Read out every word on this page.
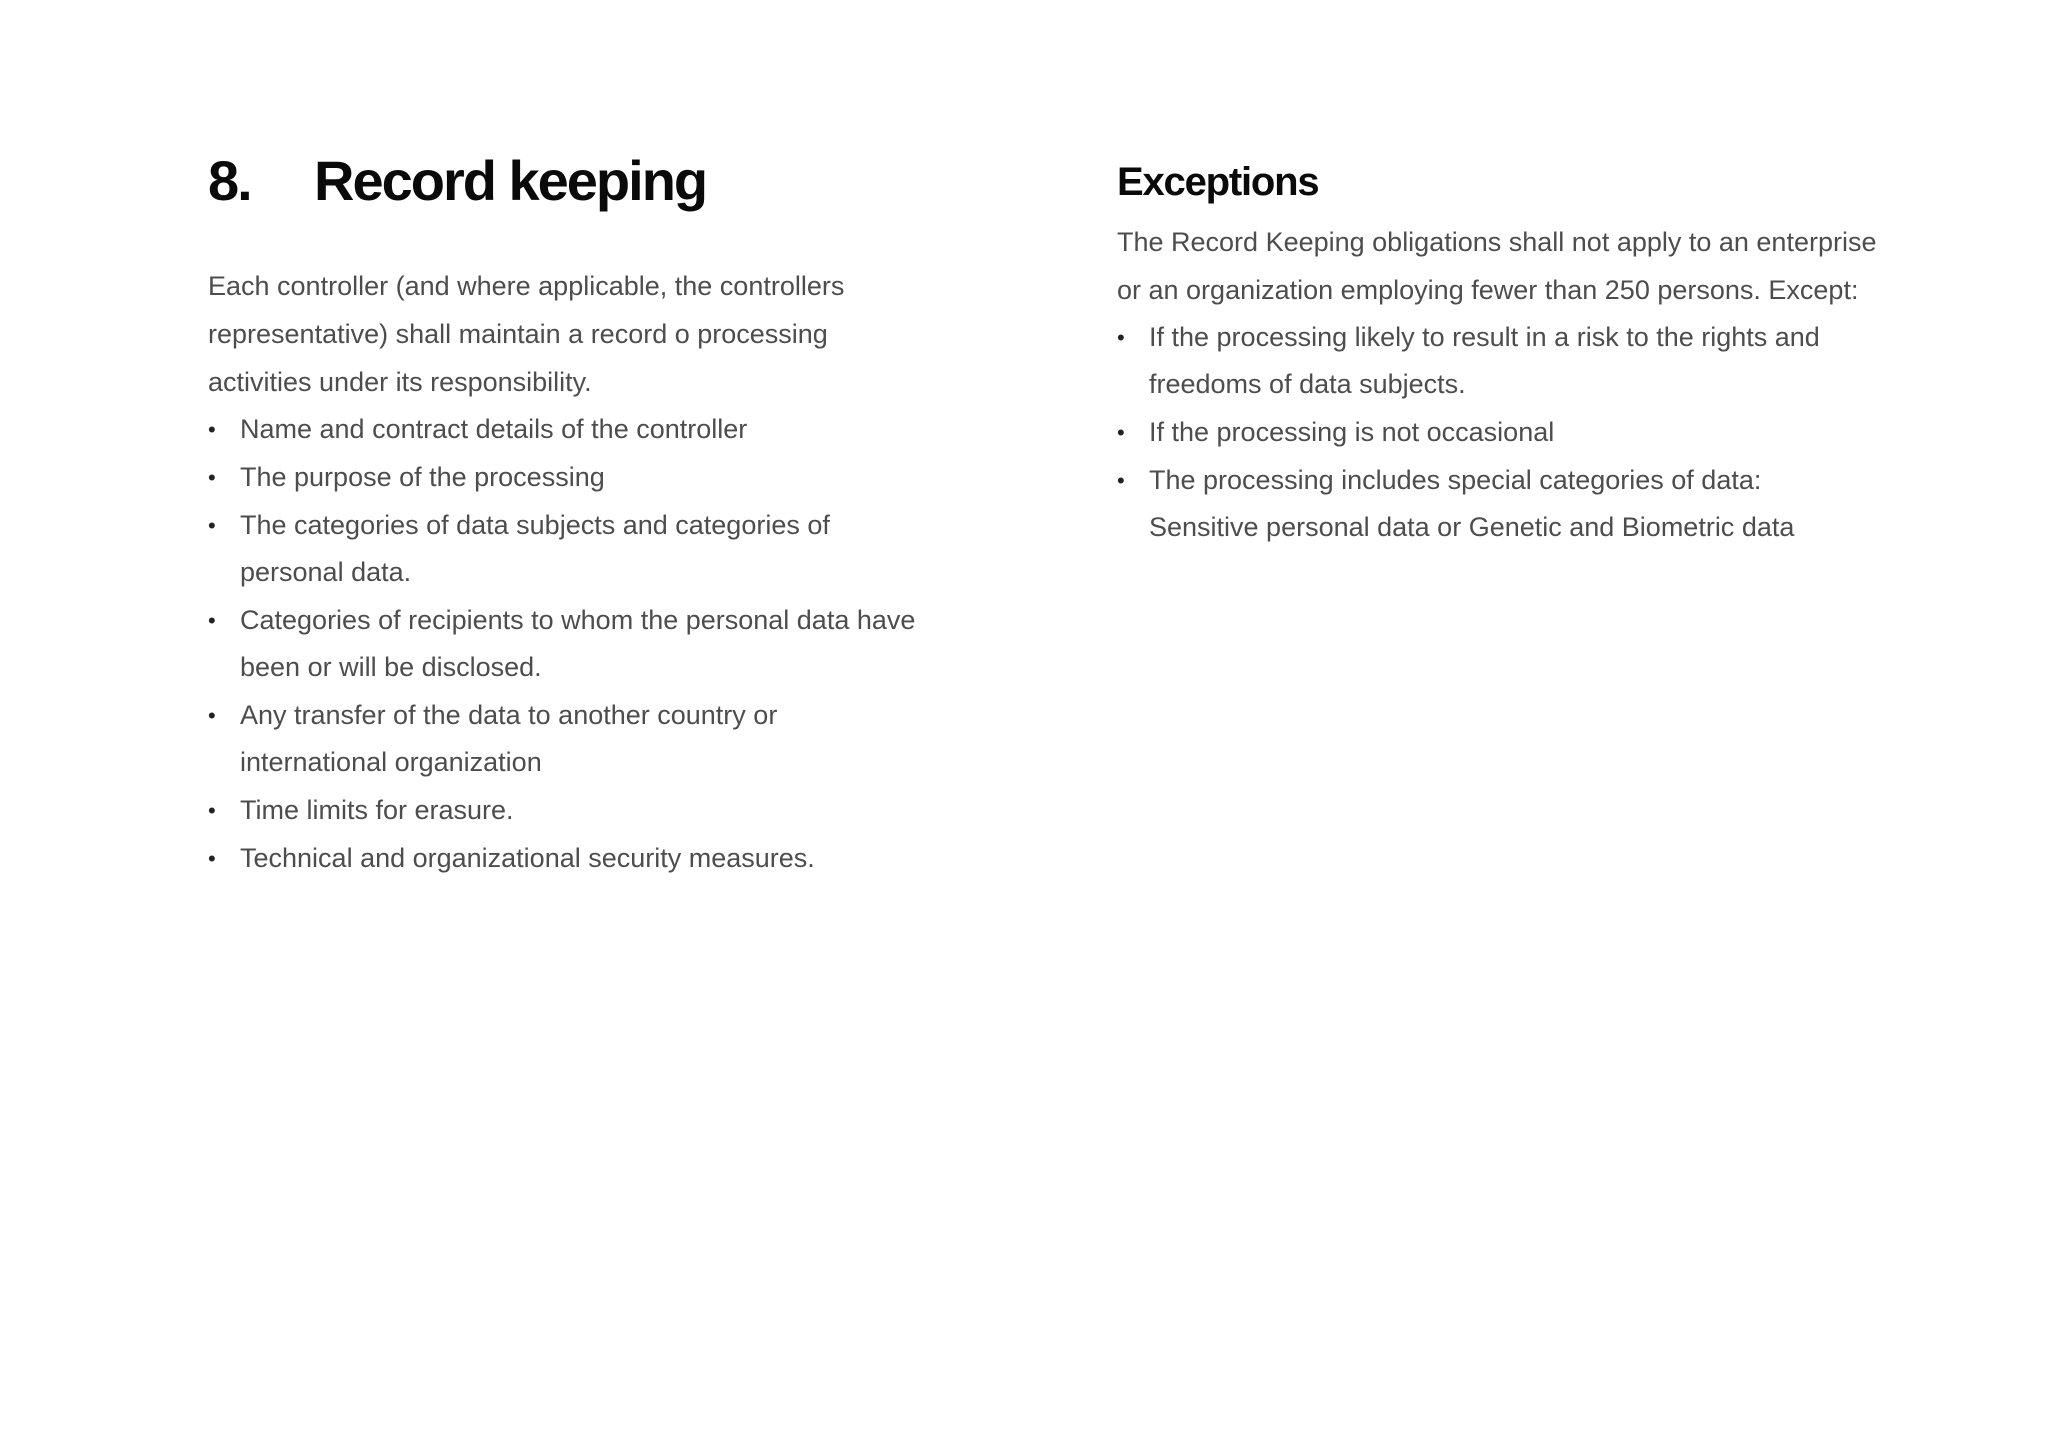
8.	Record keeping

Each controller (and where applicable, the controllers representative) shall maintain a record o processing activities under its responsibility.

• Name and contract details of the controller
• The purpose of the processing
• The categories of data subjects and categories of personal data.
• Categories of recipients to whom the personal data have been or will be disclosed.
• Any transfer of the data to another country or international organization
• Time limits for erasure.
• Technical and organizational security measures.
Exceptions

The Record Keeping obligations shall not apply to an enterprise or an organization employing fewer than 250 persons. Except:

• If the processing likely to result in a risk to the rights and freedoms of data subjects.
• If the processing is not occasional
• The processing includes special categories of data: Sensitive personal data or Genetic and Biometric data
